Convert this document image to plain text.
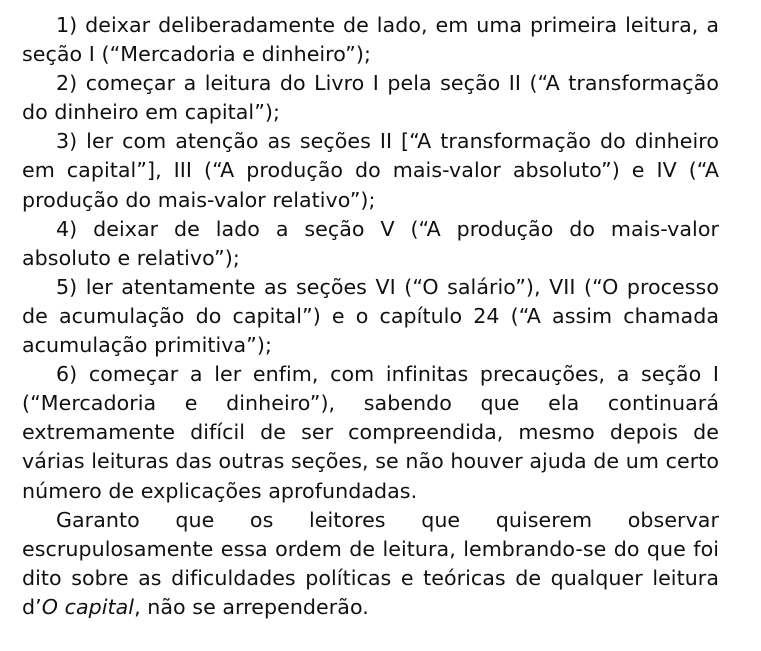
1) deixar deliberadamente de lado, em uma primeira leitura, a seção I (“Mercadoria e dinheiro”);

2) começar a leitura do Livro I pela seção II (“A transformação do dinheiro em capital”);

3) ler com atenção as seções II [“A transformação do dinheiro em capital”], III (“A produção do mais-valor absoluto”) e IV (“A produção do mais-valor relativo”);

4) deixar de lado a seção V (“A produção do mais-valor absoluto e relativo”);

5) ler atentamente as seções VI (“O salário”), VII (“O processo de acumulação do capital”) e o capítulo 24 (“A assim chamada acumulação primitiva”);

6) começar a ler enfim, com infinitas precauções, a seção I (“Mercadoria e dinheiro”), sabendo que ela continuará extremamente difícil de ser compreendida, mesmo depois de várias leituras das outras seções, se não houver ajuda de um certo número de explicações aprofundadas.

Garanto que os leitores que quiserem observar escrupulosamente essa ordem de leitura, lembrando-se do que foi dito sobre as dificuldades políticas e teóricas de qualquer leitura d’O capital, não se arrependerão.
